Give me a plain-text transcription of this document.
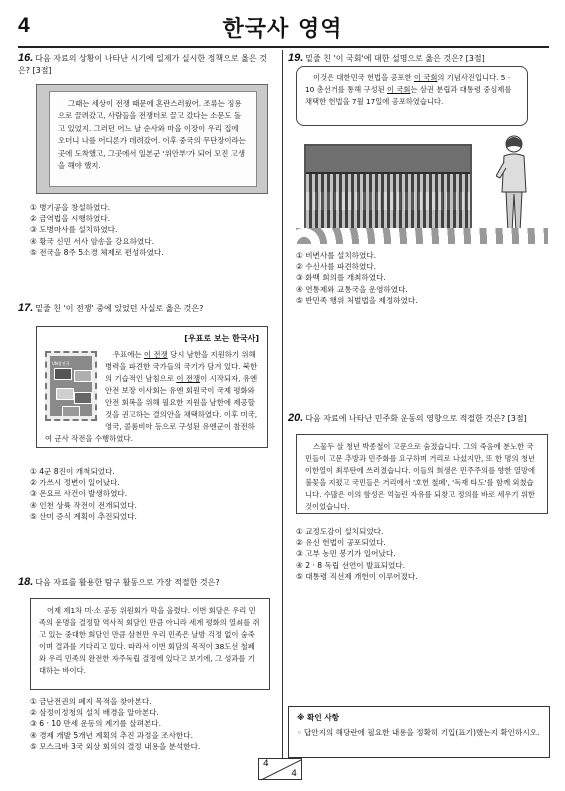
4	한국사 영역
16. 다음 자료의 상황이 나타난 시기에 일제가 실시한 정책으로 옳은 것은? [3점]
그때는 세상이 전쟁 때문에 혼란스러웠어. 조류는 징용으로 끌려갔고, 사람들을 전쟁터로 끌고 갔다는 소문도 돌고 있었지. 그러던 어느 날 순사와 마을 이장이 우리 집에 오더니 나를 어디론가 데려갔어. 이후 중국의 무단장이라는 곳에 도착했고, 그곳에서 일본군 '위안부'가 되어 모진 고생을 해야 했지.
① 병기공을 창설하였다.
② 금역법을 시행하였다.
③ 도병마사를 설치하였다.
④ 황국 신민 서사 암송을 강요하였다.
⑤ 전국을 8주 5소경 체제로 편성하였다.
17. 밑줄 친 '이 전쟁' 중에 있었던 사실로 옳은 것은?
[우표로 보는 한국사]
UN참전국
우표에는 이 전쟁 당시 남한을 지원하기 위해 병력을 파견한 국가들의 국기가 담겨 있다. 북한의 기습적인 남침으로 이 전쟁이 시작되자, 유엔 안전 보장 이사회는 유엔 회원국이 국제 평화와 안전 회복을 위해 필요한 지원을 남한에 제공할 것을 권고하는 결의안을 채택하였다. 이후 미국, 영국, 콜롬비아 등으로 구성된 유엔군이 참전하여 군사 작전을 수행하였다.
① 4군 8진이 개척되었다.
② 가쓰시 정변이 일어났다.
③ 온요르 사건이 발생하였다.
④ 인천 상륙 작전이 전개되었다.
⑤ 산미 증식 계획이 추진되었다.
18. 다음 자료를 활용한 탐구 활동으로 가장 적절한 것은?
어제 제1차 미·소 공동 위원회가 막을 올렸다. 이번 회담은 우리 민족의 운명을 결정할 역사적 회담인 만큼 아니라 세계 평화의 열쇠를 쥐고 있는 중대한 회담인 만큼 삼천만 우리 민족은 날밤 걱정 없이 숨죽이며 결과를 기다리고 있다. 따라서 이번 회담의 목적이 38도선 철폐와 우리 민족의 완전한 자주독립 결정에 있다고 보기에, 그 성과를 기대하는 바이다.
① 금난전권의 폐지 목적을 찾아본다.
② 삼정이정청의 설치 배경을 알아본다.
③ 6 · 10 만세 운동의 계기를 살펴본다.
④ 경제 개발 5개년 계획의 추진 과정을 조사한다.
⑤ 모스크바 3국 외상 회의의 결정 내용을 분석한다.
19. 밑줄 친 '이 국회'에 대한 설명으로 옳은 것은? [3점]
이것은 대한민국 헌법을 공포한 이 국회의 기념사진입니다. 5 · 10 총선거를 통해 구성된 이 국회는 삼권 분립과 대통령 중심제를 채택한 헌법을 7월 17일에 공포하였습니다.
① 비변사를 설치하였다.
② 수신사를 파견하였다.
③ 화백 회의를 개최하였다.
④ 연통제와 교통국을 운영하였다.
⑤ 반민족 행위 처벌법을 제정하였다.
20. 다음 자료에 나타난 민주화 운동의 영향으로 적절한 것은? [3점]
스물두 살 청년 박종철이 고문으로 숨졌습니다. 그의 죽음에 분노한 국민들이 고문 추방과 민주화를 요구하며 거리로 나섰지만, 또 한 명의 청년 이한열이 최루탄에 쓰러졌습니다. 이들의 희생은 민주주의를 향한 열망에 불꽃을 지폈고 국민들은 거리에서 '호헌 철폐', '독재 타도'를 함께 외쳤습니다. 수많은 이의 함성은 억눌린 자유를 되찾고 정의를 바로 세우기 위한 것이었습니다.
① 교정도감이 설치되었다.
② 유신 헌법이 공포되었다.
③ 고부 농민 봉기가 일어났다.
④ 2 · 8 독립 선언이 발표되었다.
⑤ 대통령 직선제 개헌이 이루어졌다.
※ 확인 사항
◦ 답안지의 해당란에 필요한 내용을 정확히 기입(표기)했는지 확인하시오.
4
4
